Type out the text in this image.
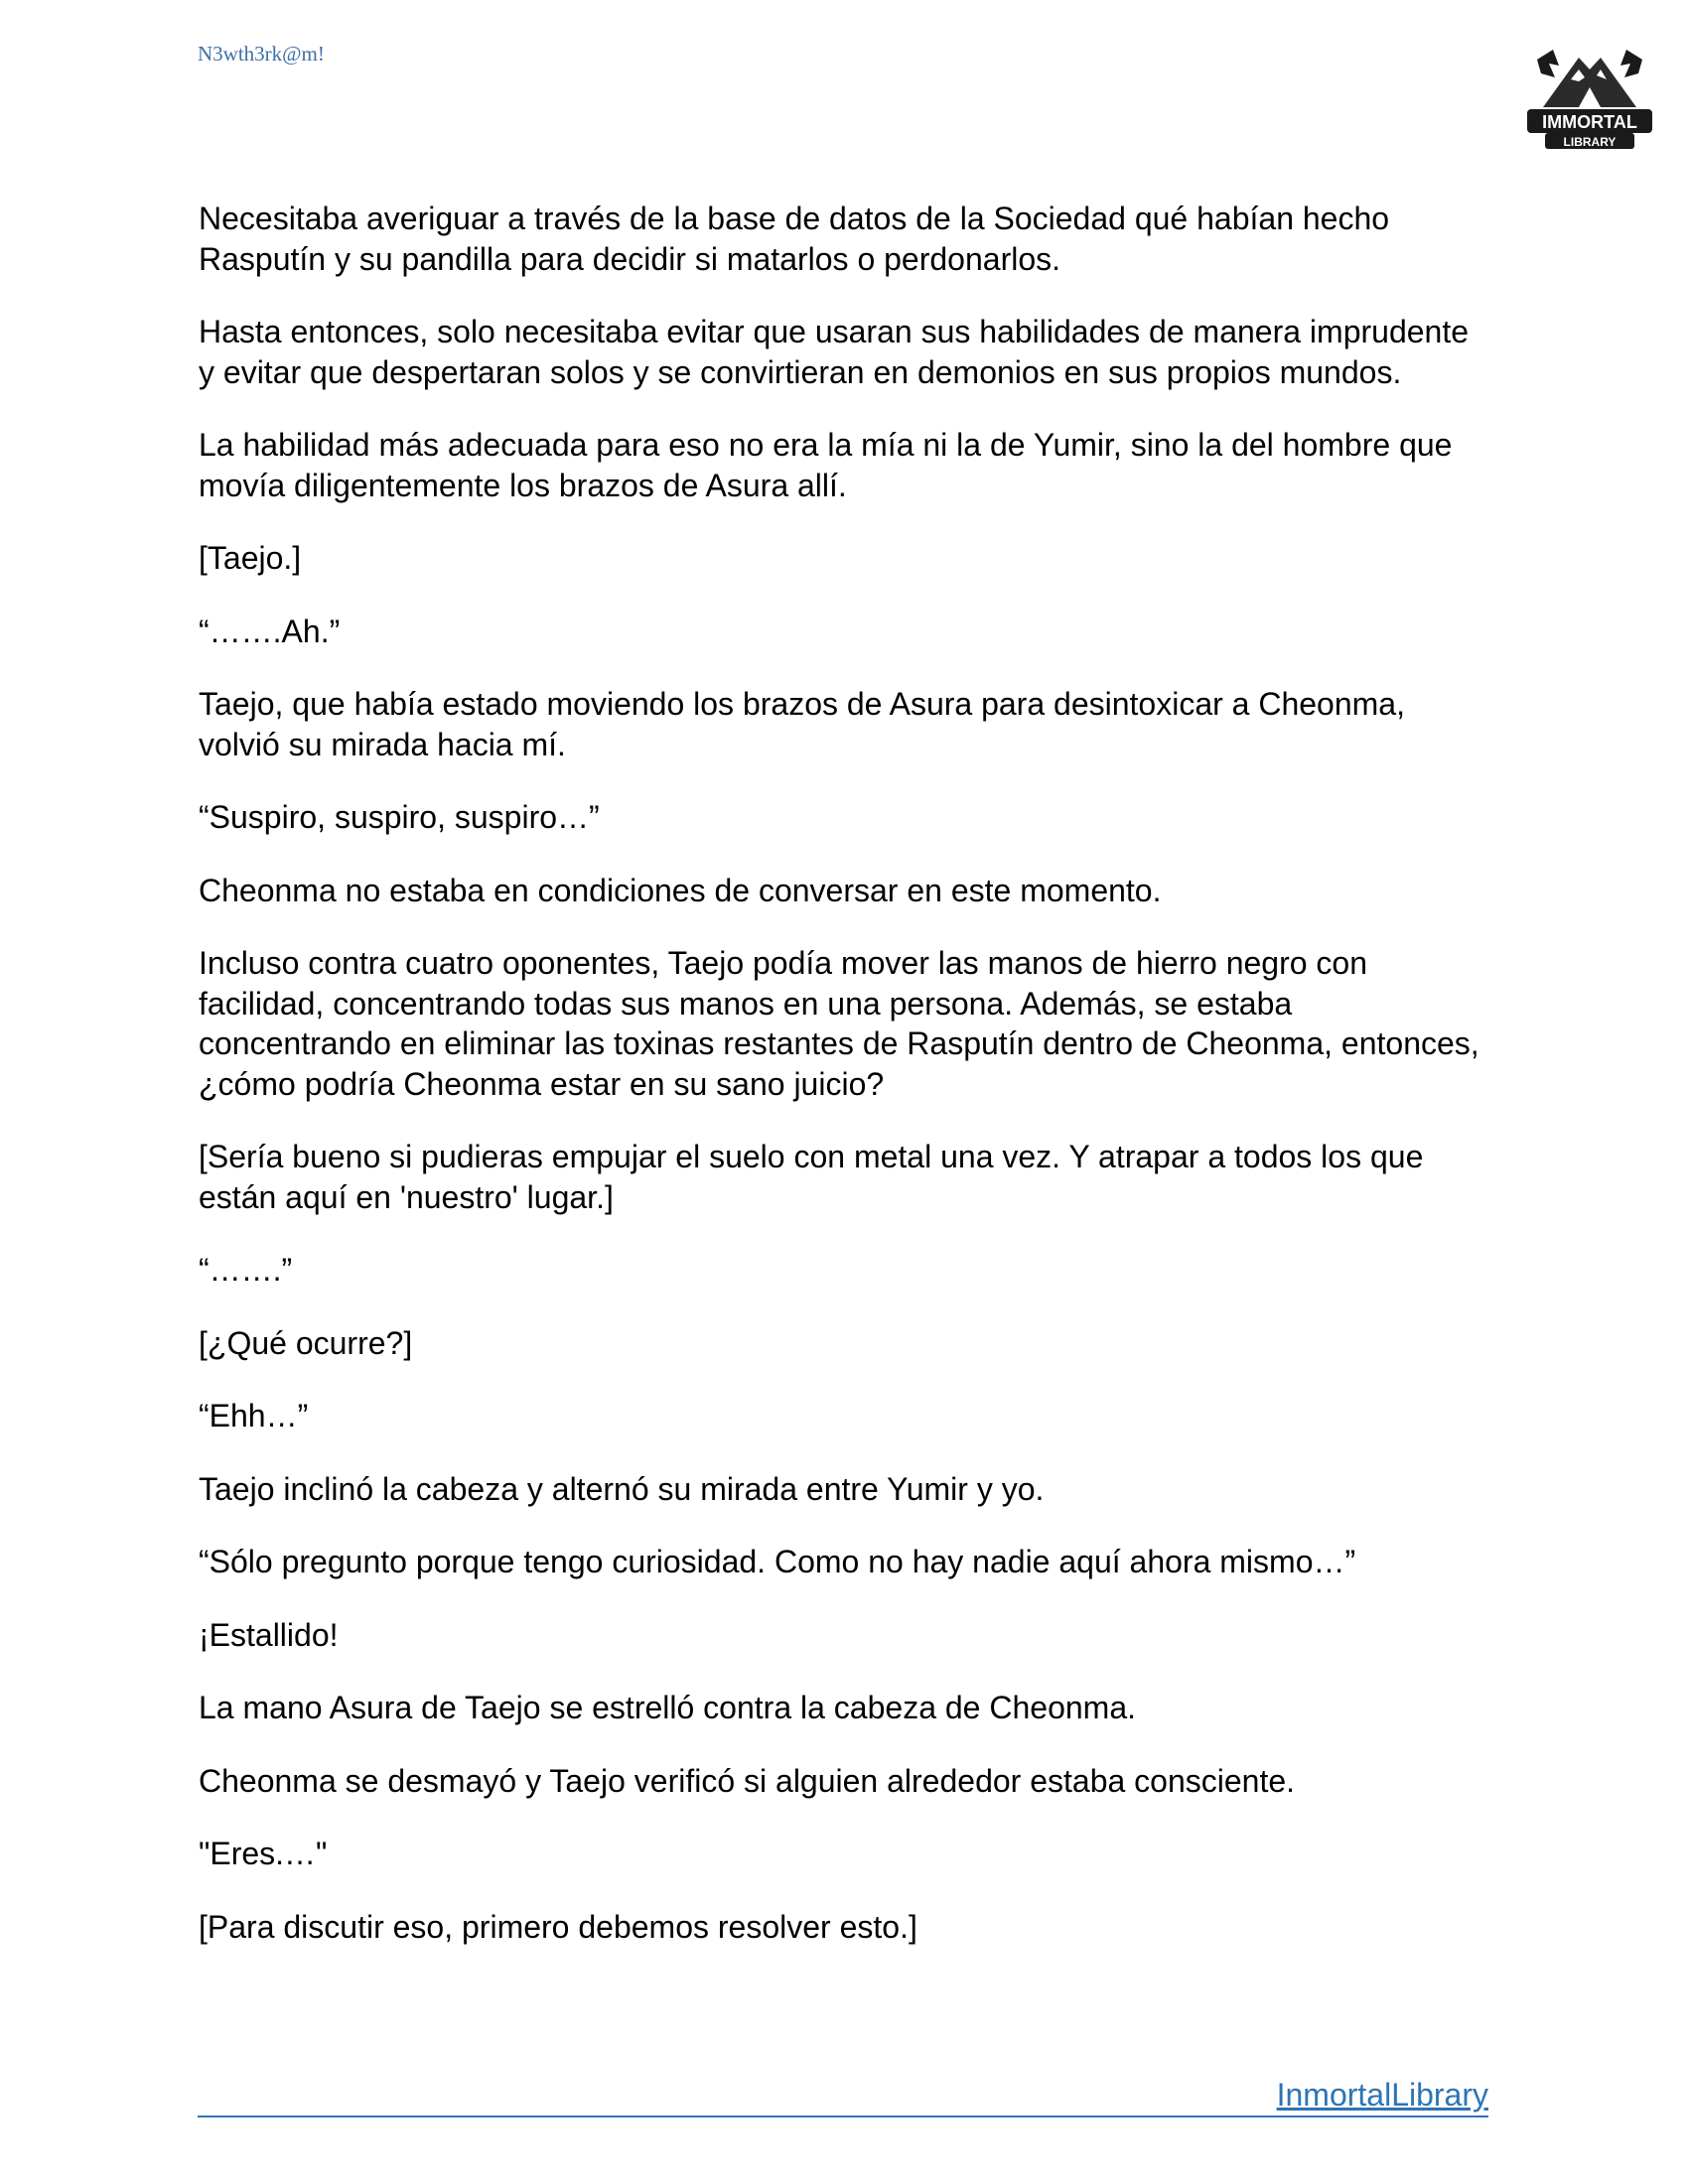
N3wth3rk@m!
IMMORTAL
LIBRARY

Necesitaba averiguar a través de la base de datos de la Sociedad qué habían hecho Rasputín y su pandilla para decidir si matarlos o perdonarlos.

Hasta entonces, solo necesitaba evitar que usaran sus habilidades de manera imprudente y evitar que despertaran solos y se convirtieran en demonios en sus propios mundos.

La habilidad más adecuada para eso no era la mía ni la de Yumir, sino la del hombre que movía diligentemente los brazos de Asura allí.

[Taejo.]

“…….Ah.”

Taejo, que había estado moviendo los brazos de Asura para desintoxicar a Cheonma, volvió su mirada hacia mí.

“Suspiro, suspiro, suspiro…”

Cheonma no estaba en condiciones de conversar en este momento.

Incluso contra cuatro oponentes, Taejo podía mover las manos de hierro negro con facilidad, concentrando todas sus manos en una persona. Además, se estaba concentrando en eliminar las toxinas restantes de Rasputín dentro de Cheonma, entonces, ¿cómo podría Cheonma estar en su sano juicio?

[Sería bueno si pudieras empujar el suelo con metal una vez. Y atrapar a todos los que están aquí en 'nuestro' lugar.]

“…….”

[¿Qué ocurre?]

“Ehh…”

Taejo inclinó la cabeza y alternó su mirada entre Yumir y yo.

“Sólo pregunto porque tengo curiosidad. Como no hay nadie aquí ahora mismo…”

¡Estallido!

La mano Asura de Taejo se estrelló contra la cabeza de Cheonma.

Cheonma se desmayó y Taejo verificó si alguien alrededor estaba consciente.

"Eres.…"

[Para discutir eso, primero debemos resolver esto.]

InmortalLibrary
